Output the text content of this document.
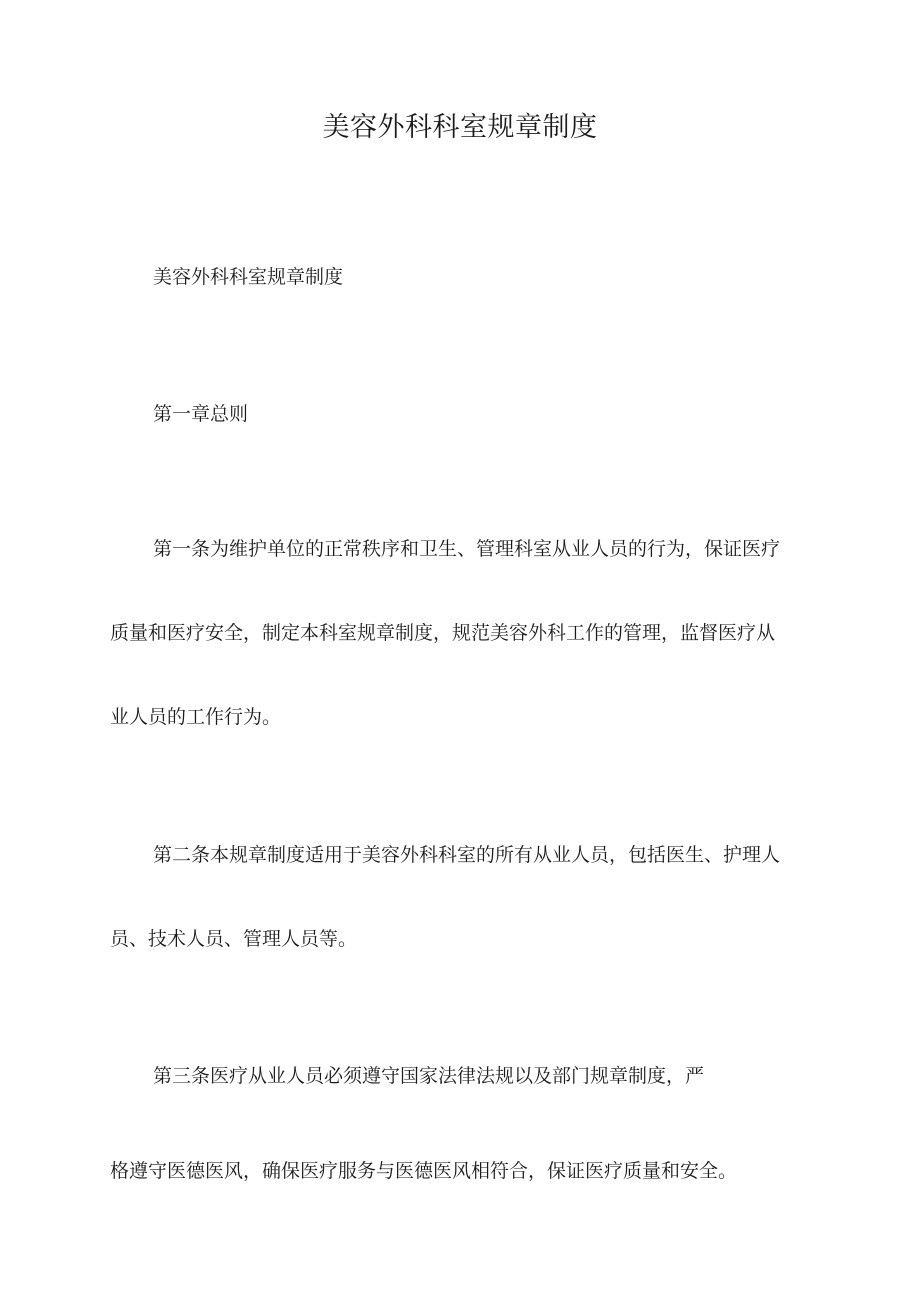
美容外科科室规章制度
美容外科科室规章制度
第一章总则
第一条为维护单位的正常秩序和卫生、管理科室从业人员的行为，保证医疗
质量和医疗安全，制定本科室规章制度，规范美容外科工作的管理，监督医疗从
业人员的工作行为。
第二条本规章制度适用于美容外科科室的所有从业人员，包括医生、护理人
员、技术人员、管理人员等。
第三条医疗从业人员必须遵守国家法律法规以及部门规章制度，严
格遵守医德医风，确保医疗服务与医德医风相符合，保证医疗质量和安全。
